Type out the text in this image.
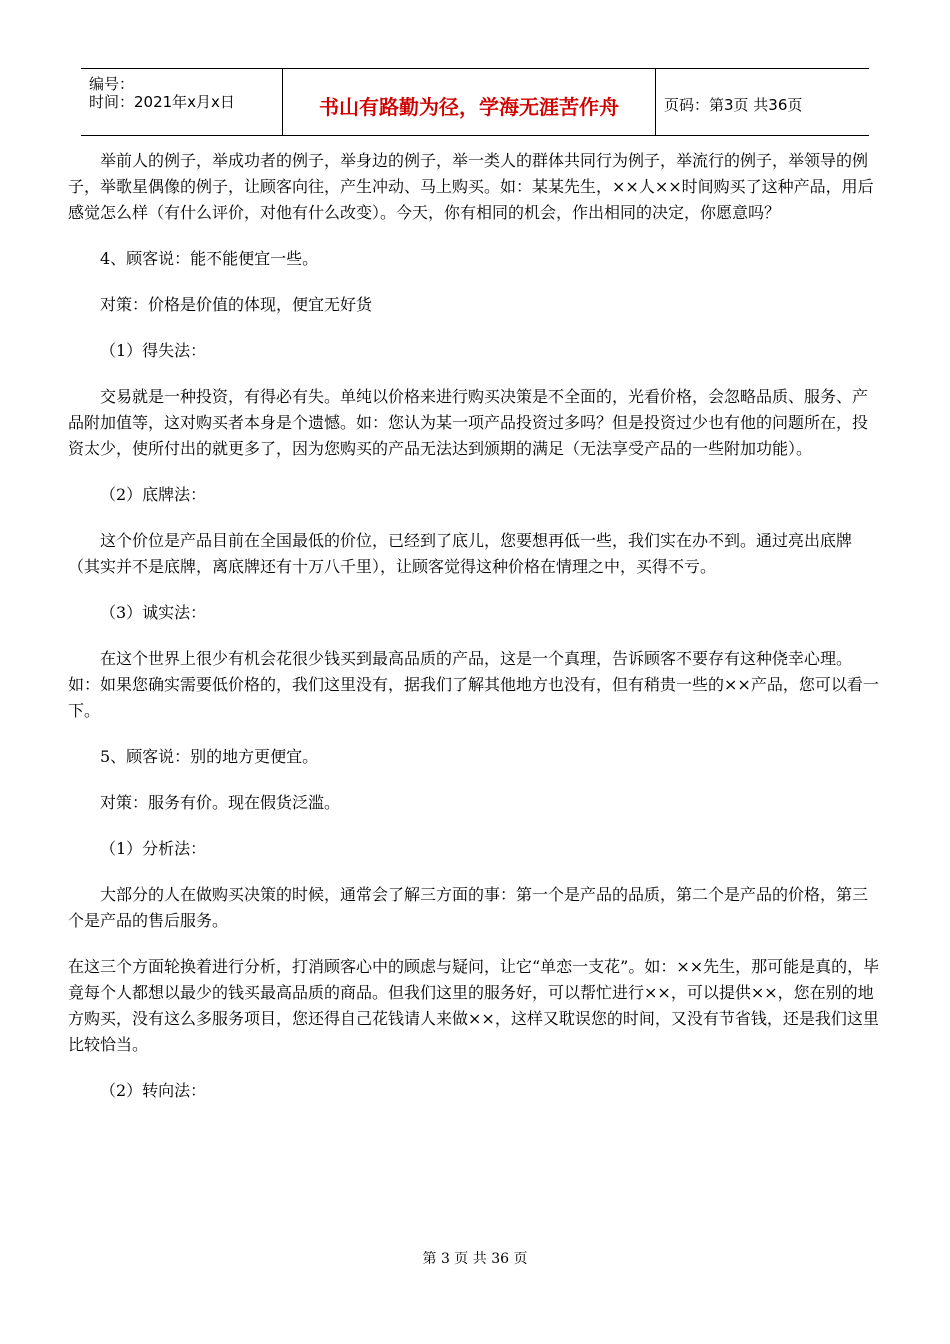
编号：
时间：2021年x月x日	书山有路勤为径，学海无涯苦作舟	页码：第3页 共36页

举前人的例子，举成功者的例子，举身边的例子，举一类人的群体共同行为例子，举流行的例子，举领导的例子，举歌星偶像的例子，让顾客向往，产生冲动、马上购买。如：某某先生，××人××时间购买了这种产品，用后感觉怎么样（有什么评价，对他有什么改变）。今天，你有相同的机会，作出相同的决定，你愿意吗？

4、顾客说：能不能便宜一些。

对策：价格是价值的体现，便宜无好货

（1）得失法：

交易就是一种投资，有得必有失。单纯以价格来进行购买决策是不全面的，光看价格，会忽略品质、服务、产品附加值等，这对购买者本身是个遗憾。如：您认为某一项产品投资过多吗？但是投资过少也有他的问题所在，投资太少，使所付出的就更多了，因为您购买的产品无法达到颁期的满足（无法享受产品的一些附加功能）。

（2）底牌法：

这个价位是产品目前在全国最低的价位，已经到了底儿，您要想再低一些，我们实在办不到。通过亮出底牌（其实并不是底牌，离底牌还有十万八千里），让顾客觉得这种价格在情理之中，买得不亏。

（3）诚实法：

在这个世界上很少有机会花很少钱买到最高品质的产品，这是一个真理，告诉顾客不要存有这种侥幸心理。如：如果您确实需要低价格的，我们这里没有，据我们了解其他地方也没有，但有稍贵一些的××产品，您可以看一下。

5、顾客说：别的地方更便宜。

对策：服务有价。现在假货泛滥。

（1）分析法：

大部分的人在做购买决策的时候，通常会了解三方面的事：第一个是产品的品质，第二个是产品的价格，第三个是产品的售后服务。

在这三个方面轮换着进行分析，打消顾客心中的顾虑与疑问，让它“单恋一支花”。如：××先生，那可能是真的，毕竟每个人都想以最少的钱买最高品质的商品。但我们这里的服务好，可以帮忙进行××，可以提供××，您在别的地方购买，没有这么多服务项目，您还得自己花钱请人来做××，这样又耽误您的时间，又没有节省钱，还是我们这里比较恰当。

（2）转向法：

第 3 页 共 36 页
